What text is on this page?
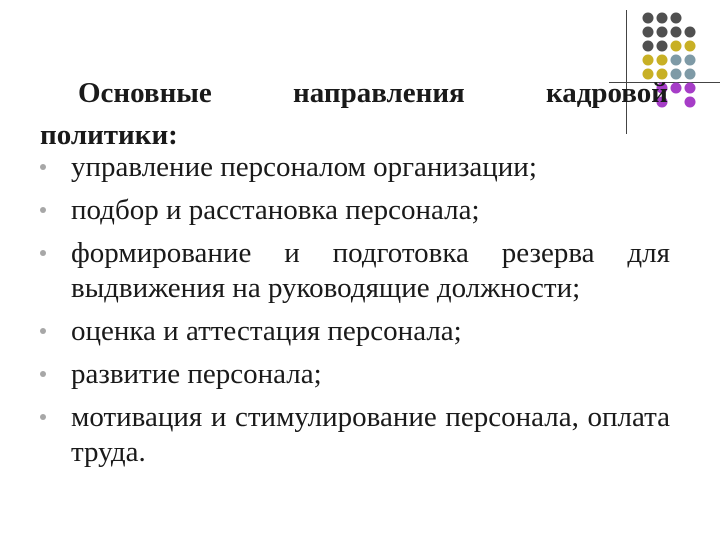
Основные	направления	кадровой
политики:
управление персоналом организации;
подбор и расстановка персонала;
формирование и подготовка резерва для выдвижения на руководящие должности;
оценка и аттестация персонала;
развитие персонала;
мотивация и стимулирование персонала, оплата труда.
